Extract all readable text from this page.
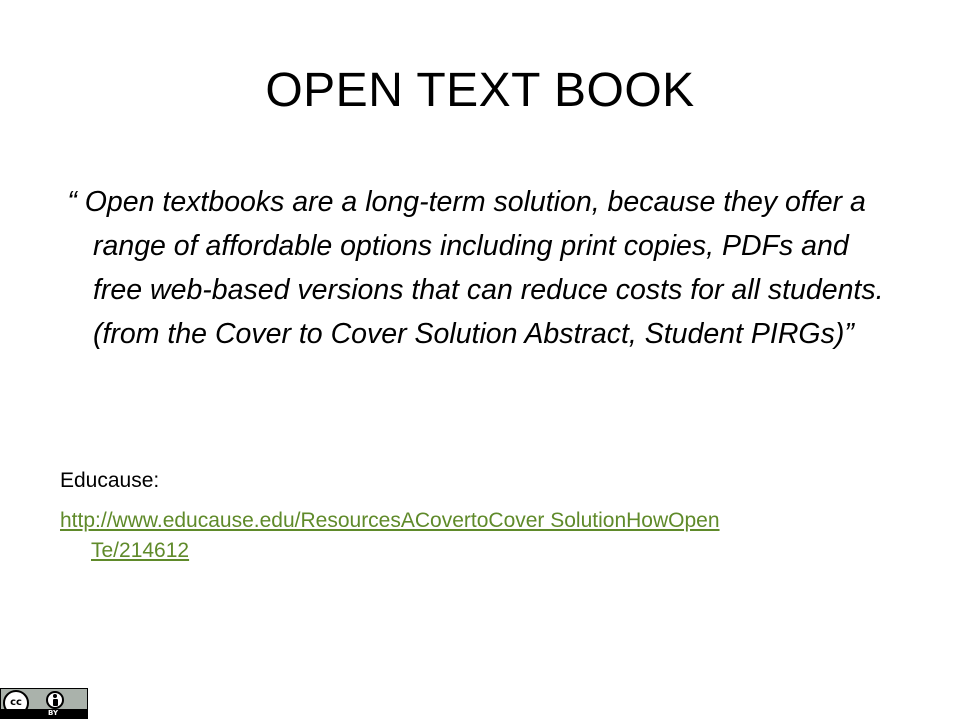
OPEN TEXT BOOK

“ Open textbooks are a long-term solution, because they offer a range of affordable options including print copies, PDFs and free web-based versions that can reduce costs for all students. (from the Cover to Cover Solution Abstract, Student PIRGs)”

Educause:

http://www.educause.edu/ResourcesACovertoCover SolutionHowOpenTe/214612
cc
BY
